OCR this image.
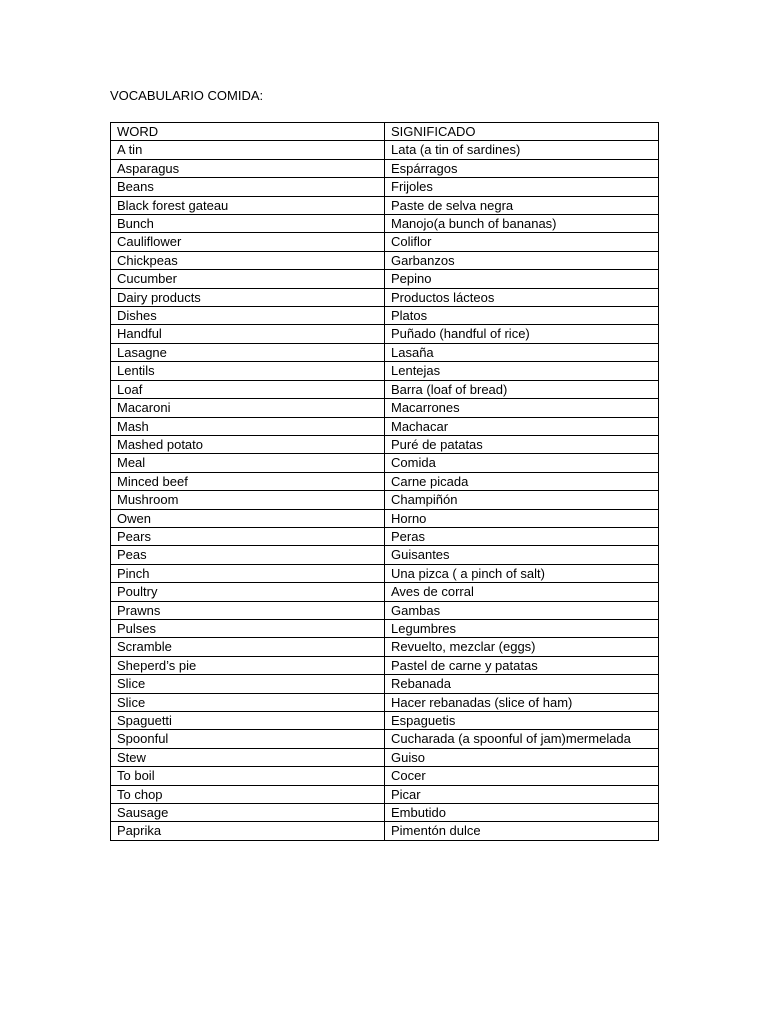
VOCABULARIO COMIDA:
WORD	SIGNIFICADO
A tin	Lata (a tin of sardines)
Asparagus	Espárragos
Beans	Frijoles
Black forest gateau	Paste de selva negra
Bunch	Manojo(a bunch of bananas)
Cauliflower	Coliflor
Chickpeas	Garbanzos
Cucumber	Pepino
Dairy products	Productos lácteos
Dishes	Platos
Handful	Puñado (handful of rice)
Lasagne	Lasaña
Lentils	Lentejas
Loaf	Barra (loaf of bread)
Macaroni	Macarrones
Mash	Machacar
Mashed potato	Puré de patatas
Meal	Comida
Minced beef	Carne picada
Mushroom	Champiñón
Owen	Horno
Pears	Peras
Peas	Guisantes
Pinch	Una pizca ( a pinch of salt)
Poultry	Aves de corral
Prawns	Gambas
Pulses	Legumbres
Scramble	Revuelto, mezclar (eggs)
Sheperd’s pie	Pastel de carne y patatas
Slice	Rebanada
Slice	Hacer rebanadas (slice of ham)
Spaguetti	Espaguetis
Spoonful	Cucharada (a spoonful of jam)mermelada
Stew	Guiso
To boil	Cocer
To chop	Picar
Sausage	Embutido
Paprika	Pimentón dulce
